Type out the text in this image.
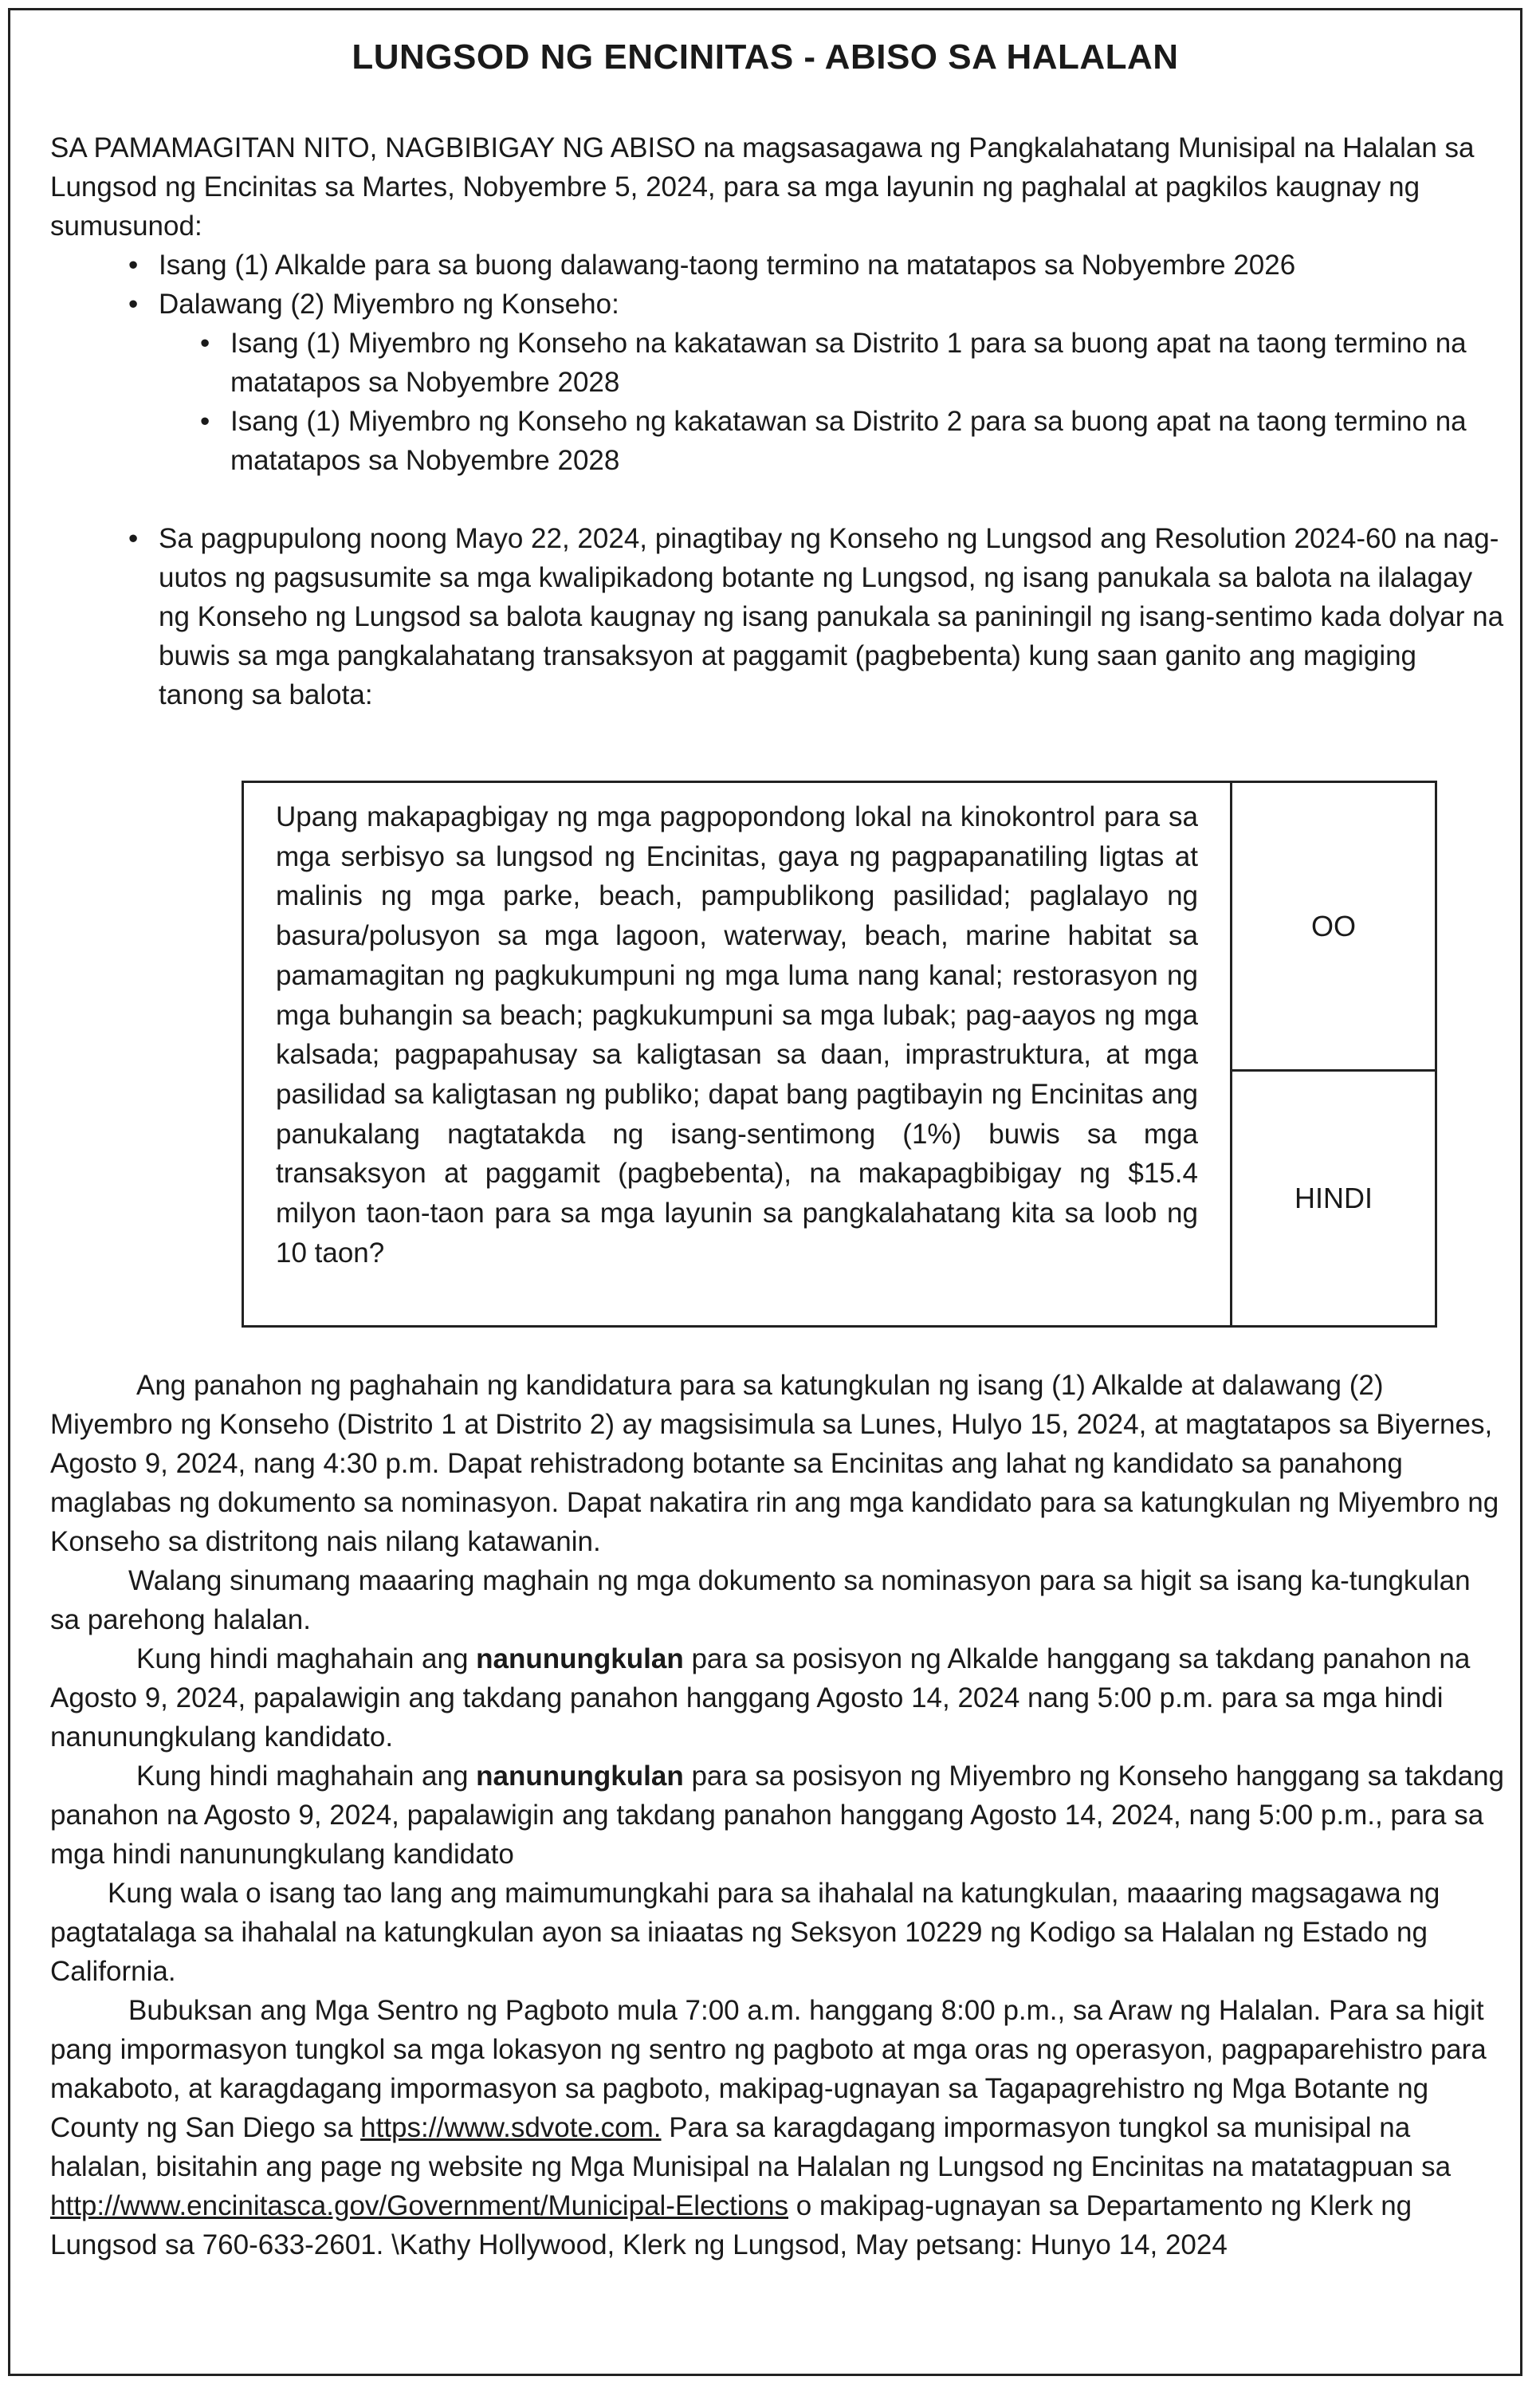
LUNGSOD NG ENCINITAS - ABISO SA HALALAN
SA PAMAMAGITAN NITO, NAGBIBIGAY NG ABISO na magsasagawa ng Pangkalahatang Munisipal na Halalan sa Lungsod ng Encinitas sa Martes, Nobyembre 5, 2024, para sa mga layunin ng paghalal at pagkilos kaugnay ng sumusunod:
• Isang (1) Alkalde para sa buong dalawang-taong termino na matatapos sa Nobyembre 2026
• Dalawang (2) Miyembro ng Konseho:
• Isang (1) Miyembro ng Konseho na kakatawan sa Distrito 1 para sa buong apat na taong termino na matatapos sa Nobyembre 2028
• Isang (1) Miyembro ng Konseho ng kakatawan sa Distrito 2 para sa buong apat na taong termino na matatapos sa Nobyembre 2028
• Sa pagpupulong noong Mayo 22, 2024, pinagtibay ng Konseho ng Lungsod ang Resolution 2024-60 na nag-uutos ng pagsusumite sa mga kwalipikadong botante ng Lungsod, ng isang panukala sa balota na ilalagay ng Konseho ng Lungsod sa balota kaugnay ng isang panukala sa paniningil ng isang-sentimo kada dolyar na buwis sa mga pangkalahatang transaksyon at paggamit (pagbebenta) kung saan ganito ang magiging tanong sa balota:
Upang makapagbigay ng mga pagpopondong lokal na kinokontrol para sa mga serbisyo sa lungsod ng Encinitas, gaya ng pagpapanatiling ligtas at malinis ng mga parke, beach, pampublikong pasilidad; paglalayo ng basura/polusyon sa mga lagoon, waterway, beach, marine habitat sa pamamagitan ng pagkukumpuni ng mga luma nang kanal; restorasyon ng mga buhangin sa beach; pagkukumpuni sa mga lubak; pag-aayos ng mga kalsada; pagpapahusay sa kaligtasan sa daan, imprastruktura, at mga pasilidad sa kaligtasan ng publiko; dapat bang pagtibayin ng Encinitas ang panukalang nagtatakda ng isang-sentimong (1%) buwis sa mga transaksyon at paggamit (pagbebenta), na makapagbibigay ng $15.4 milyon taon-taon para sa mga layunin sa pangkalahatang kita sa loob ng 10 taon?
OO
HINDI

Ang panahon ng paghahain ng kandidatura para sa katungkulan ng isang (1) Alkalde at dalawang (2) Miyembro ng Konseho (Distrito 1 at Distrito 2) ay magsisimula sa Lunes, Hulyo 15, 2024, at magtatapos sa Biyernes, Agosto 9, 2024, nang 4:30 p.m. Dapat rehistradong botante sa Encinitas ang lahat ng kandidato sa panahong maglabas ng dokumento sa nominasyon. Dapat nakatira rin ang mga kandidato para sa katungkulan ng Miyembro ng Konseho sa distritong nais nilang katawanin.

Walang sinumang maaaring maghain ng mga dokumento sa nominasyon para sa higit sa isang ka-tungkulan sa parehong halalan.

Kung hindi maghahain ang nanunungkulan para sa posisyon ng Alkalde hanggang sa takdang panahon na Agosto 9, 2024, papalawigin ang takdang panahon hanggang Agosto 14, 2024 nang 5:00 p.m. para sa mga hindi nanunungkulang kandidato.

Kung hindi maghahain ang nanunungkulan para sa posisyon ng Miyembro ng Konseho hanggang sa takdang panahon na Agosto 9, 2024, papalawigin ang takdang panahon hanggang Agosto 14, 2024, nang 5:00 p.m., para sa mga hindi nanunungkulang kandidato

Kung wala o isang tao lang ang maimumungkahi para sa ihahalal na katungkulan, maaaring magsagawa ng pagtatalaga sa ihahalal na katungkulan ayon sa iniaatas ng Seksyon 10229 ng Kodigo sa Halalan ng Estado ng California.

Bubuksan ang Mga Sentro ng Pagboto mula 7:00 a.m. hanggang 8:00 p.m., sa Araw ng Halalan. Para sa higit pang impormasyon tungkol sa mga lokasyon ng sentro ng pagboto at mga oras ng operasyon, pagpaparehistro para makaboto, at karagdagang impormasyon sa pagboto, makipag-ugnayan sa Tagapagrehistro ng Mga Botante ng County ng San Diego sa https://www.sdvote.com. Para sa karagdagang impormasyon tungkol sa munisipal na halalan, bisitahin ang page ng website ng Mga Munisipal na Halalan ng Lungsod ng Encinitas na matatagpuan sa http://www.encinitasca.gov/Government/Municipal-Elections o makipag-ugnayan sa Departamento ng Klerk ng Lungsod sa 760-633-2601. \Kathy Hollywood, Klerk ng Lungsod, May petsang: Hunyo 14, 2024
